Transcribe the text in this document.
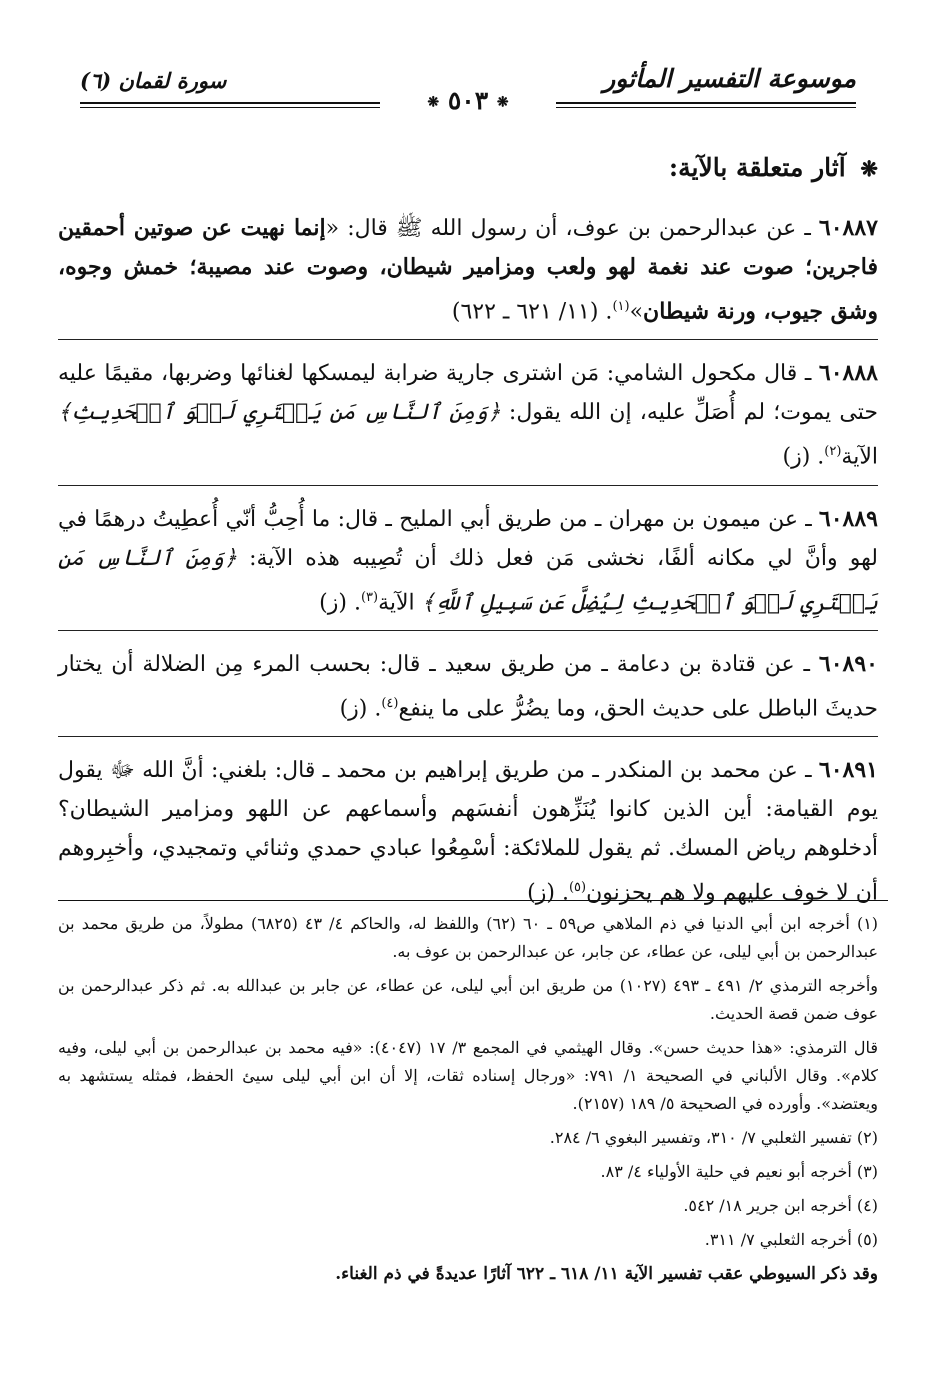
موسوعة التفسير المأثور
سورة لقمان (٦)
❋ ٥٠٣ ❋
❋ آثار متعلقة بالآية:

٦٠٨٨٧ ـ عن عبدالرحمن بن عوف، أن رسول الله ﷺ قال: «إنما نهيت عن صوتين أحمقين فاجرين؛ صوت عند نغمة لهو ولعب ومزامير شيطان، وصوت عند مصيبة؛ خمش وجوه، وشق جيوب، ورنة شيطان»$^{(١)}$. (١١/ ٦٢١ ـ ٦٢٢)

٦٠٨٨٨ ـ قال مكحول الشامي: مَن اشترى جارية ضرابة ليمسكها لغنائها وضربها، مقيمًا عليه حتى يموت؛ لم أُصَلِّ عليه، إن الله يقول: ﴿وَمِنَ ٱلنَّاسِ مَن يَشۡتَرِي لَهۡوَ ٱلۡحَدِيثِ﴾ الآية$^{(٢)}$. (ز)

٦٠٨٨٩ ـ عن ميمون بن مهران ـ من طريق أبي المليح ـ قال: ما أُحِبُّ أنّي أُعطِيتُ درهمًا في لهو وأنَّ لي مكانه ألفًا، نخشى مَن فعل ذلك أن تُصِيبه هذه الآية: ﴿وَمِنَ ٱلنَّاسِ مَن يَشۡتَرِي لَهۡوَ ٱلۡحَدِيثِ لِيُضِلَّ عَن سَبِيلِ ٱللَّهِ﴾ الآية$^{(٣)}$. (ز)

٦٠٨٩٠ ـ عن قتادة بن دعامة ـ من طريق سعيد ـ قال: بحسب المرء مِن الضلالة أن يختار حديثَ الباطل على حديث الحق، وما يضُرُّ على ما ينفع$^{(٤)}$. (ز)

٦٠٨٩١ ـ عن محمد بن المنكدر ـ من طريق إبراهيم بن محمد ـ قال: بلغني: أنَّ الله ﷻ يقول يوم القيامة: أين الذين كانوا يُنَزِّهون أنفسَهم وأسماعهم عن اللهو ومزامير الشيطان؟ أدخلوهم رياض المسك. ثم يقول للملائكة: أسْمِعُوا عبادي حمدي وثنائي وتمجيدي، وأخبِروهم أن لا خوف عليهم ولا هم يحزنون$^{(٥)}$. (ز)

(١) أخرجه ابن أبي الدنيا في ذم الملاهي ص٥٩ ـ ٦٠ (٦٢) واللفظ له، والحاكم ٤/ ٤٣ (٦٨٢٥) مطولاً، من طريق محمد بن عبدالرحمن بن أبي ليلى، عن عطاء، عن جابر، عن عبدالرحمن بن عوف به.

وأخرجه الترمذي ٢/ ٤٩١ ـ ٤٩٣ (١٠٢٧) من طريق ابن أبي ليلى، عن عطاء، عن جابر بن عبدالله به. ثم ذكر عبدالرحمن بن عوف ضمن قصة الحديث.

قال الترمذي: «هذا حديث حسن». وقال الهيثمي في المجمع ٣/ ١٧ (٤٠٤٧): «فيه محمد بن عبدالرحمن بن أبي ليلى، وفيه كلام». وقال الألباني في الصحيحة ١/ ٧٩١: «ورجال إسناده ثقات، إلا أن ابن أبي ليلى سيئ الحفظ، فمثله يستشهد به ويعتضد». وأورده في الصحيحة ٥/ ١٨٩ (٢١٥٧).

(٢) تفسير الثعلبي ٧/ ٣١٠، وتفسير البغوي ٦/ ٢٨٤.

(٣) أخرجه أبو نعيم في حلية الأولياء ٤/ ٨٣.

(٤) أخرجه ابن جرير ١٨/ ٥٤٢.

(٥) أخرجه الثعلبي ٧/ ٣١١.

وقد ذكر السيوطي عقب تفسير الآية ١١/ ٦١٨ ـ ٦٢٢ آثارًا عديدةً في ذم الغناء.
